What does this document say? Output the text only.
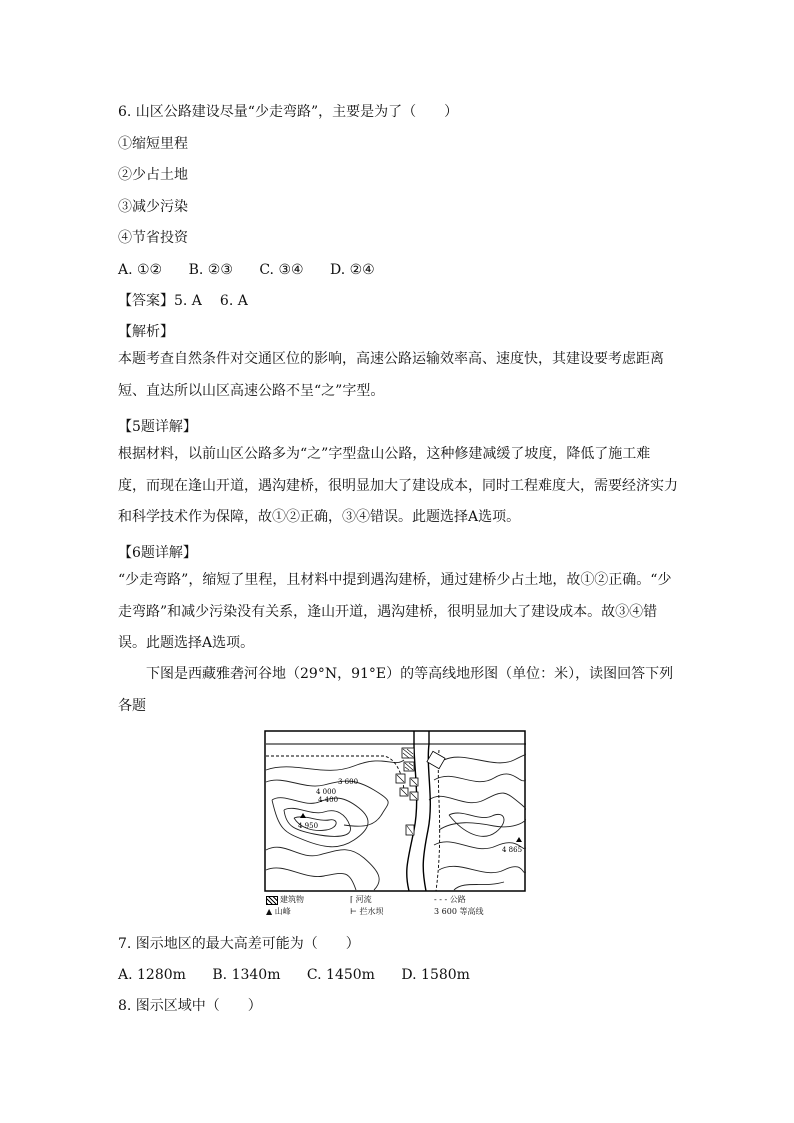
6. 山区公路建设尽量“少走弯路”，主要是为了（　　）
①缩短里程
②少占土地
③减少污染
④节省投资
A. ①② B. ②③ C. ③④ D. ②④
【答案】5. A 6. A
【解析】
本题考查自然条件对交通区位的影响，高速公路运输效率高、速度快，其建设要考虑距离短、直达所以山区高速公路不呈“之”字型。
【5题详解】
根据材料，以前山区公路多为“之”字型盘山公路，这种修建减缓了坡度，降低了施工难度，而现在逢山开道，遇沟建桥，很明显加大了建设成本，同时工程难度大，需要经济实力和科学技术作为保障，故①②正确，③④错误。此题选择A选项。
【6题详解】
“少走弯路”，缩短了里程，且材料中提到遇沟建桥，通过建桥少占土地，故①②正确。“少走弯路”和减少污染没有关系，逢山开道，遇沟建桥，很明显加大了建设成本。故③④错误。此题选择A选项。
下图是西藏雅砻河谷地（29°N，91°E）的等高线地形图（单位：米），读图回答下列各题
3 600
4 000
4 400
4 950
4 865
建筑物	⌈ 河流	- - - 公路
▲ 山峰	⊢ 拦水坝	3 600 等高线
7. 图示地区的最大高差可能为（　　）
A. 1280m B. 1340m C. 1450m D. 1580m
8. 图示区域中（　　）
